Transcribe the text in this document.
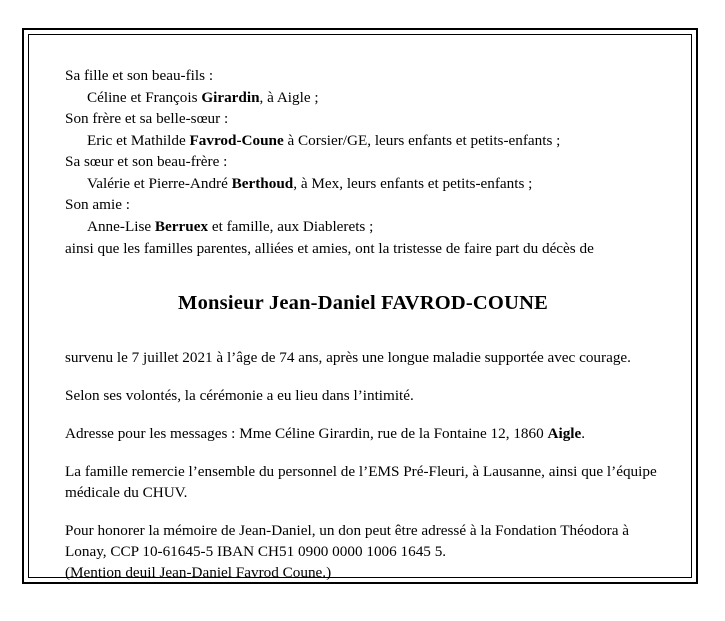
Sa fille et son beau-fils :
Céline et François Girardin, à Aigle ;
Son frère et sa belle-sœur :
Eric et Mathilde Favrod-Coune à Corsier/GE, leurs enfants et petits-enfants ;
Sa sœur et son beau-frère :
Valérie et Pierre-André Berthoud, à Mex, leurs enfants et petits-enfants ;
Son amie :
Anne-Lise Berruex et famille, aux Diablerets ;
ainsi que les familles parentes, alliées et amies, ont la tristesse de faire part du décès de
Monsieur Jean-Daniel FAVROD-COUNE

survenu le 7 juillet 2021 à l’âge de 74 ans, après une longue maladie supportée avec courage.

Selon ses volontés, la cérémonie a eu lieu dans l’intimité.

Adresse pour les messages : Mme Céline Girardin, rue de la Fontaine 12, 1860 Aigle.

La famille remercie l’ensemble du personnel de l’EMS Pré-Fleuri, à Lausanne, ainsi que l’équipe médicale du CHUV.

Pour honorer la mémoire de Jean-Daniel, un don peut être adressé à la Fondation Théodora à
Lonay, CCP 10-61645-5 IBAN CH51 0900 0000 1006 1645 5.
(Mention deuil Jean-Daniel Favrod Coune.)
